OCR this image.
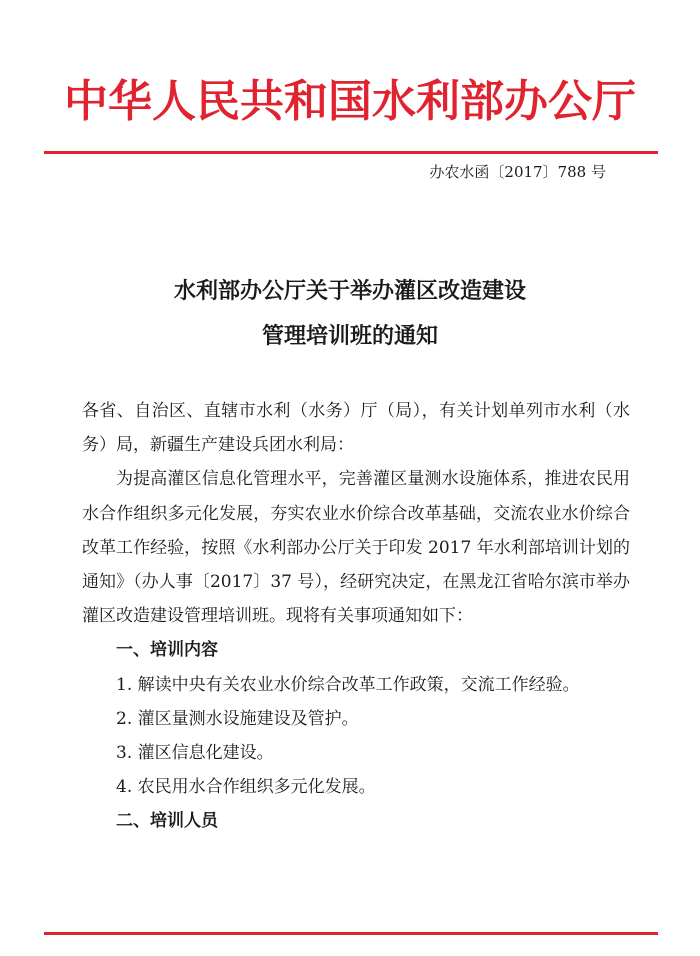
中华人民共和国水利部办公厅
办农水函〔2017〕788 号
水利部办公厅关于举办灌区改造建设
管理培训班的通知

各省、自治区、直辖市水利（水务）厅（局），有关计划单列市水利（水务）局，新疆生产建设兵团水利局：

为提高灌区信息化管理水平，完善灌区量测水设施体系，推进农民用水合作组织多元化发展，夯实农业水价综合改革基础，交流农业水价综合改革工作经验，按照《水利部办公厅关于印发 2017 年水利部培训计划的通知》（办人事〔2017〕37 号），经研究决定，在黑龙江省哈尔滨市举办灌区改造建设管理培训班。现将有关事项通知如下：

一、培训内容

1. 解读中央有关农业水价综合改革工作政策，交流工作经验。

2. 灌区量测水设施建设及管护。

3. 灌区信息化建设。

4. 农民用水合作组织多元化发展。

二、培训人员
